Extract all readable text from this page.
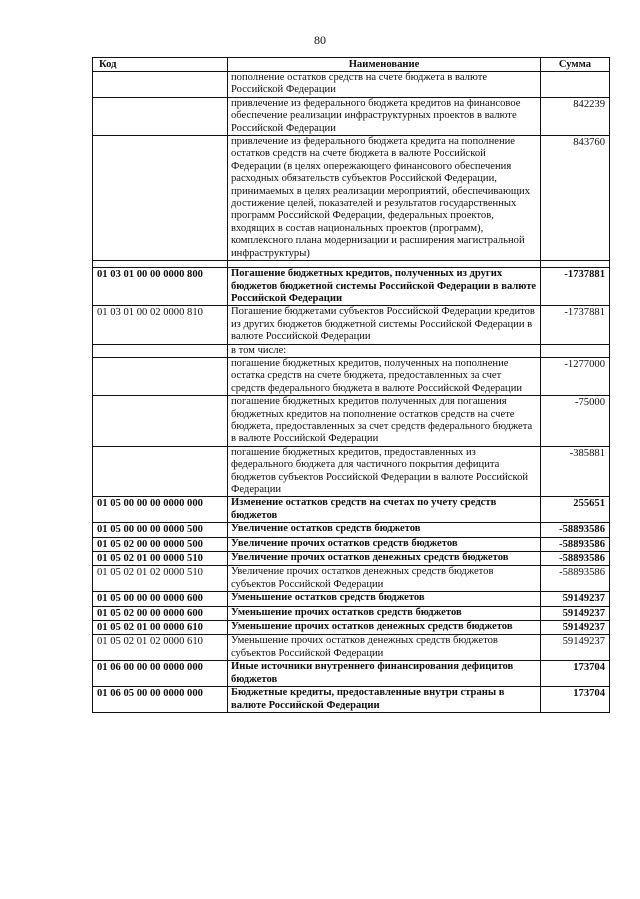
80
Код	Наименование	Сумма
	пополнение остатков средств на счете бюджета в валюте Российской Федерации	
	привлечение из федерального бюджета кредитов на финансовое обеспечение реализации инфраструктурных проектов в валюте Российской Федерации	842239
	привлечение из федерального бюджета кредита на пополнение остатков средств на счете бюджета в валюте Российской Федерации (в целях опережающего финансового обеспечения расходных обязательств субъектов Российской Федерации, принимаемых в целях реализации мероприятий, обеспечивающих достижение целей, показателей и результатов государственных программ Российской Федерации, федеральных проектов, входящих в состав национальных проектов (программ), комплексного плана модернизации и расширения магистральной инфраструктуры)	843760

01 03 01 00 00 0000 800	Погашение бюджетных кредитов, полученных из других бюджетов бюджетной системы Российской Федерации в валюте Российской Федерации	-1737881
01 03 01 00 02 0000 810	Погашение бюджетами субъектов Российской Федерации кредитов из других бюджетов бюджетной системы Российской Федерации в валюте Российской Федерации	-1737881
	в том числе:	
	погашение бюджетных кредитов, полученных на пополнение остатка средств на счете бюджета, предоставленных за счет средств федерального бюджета в валюте Российской Федерации	-1277000
	погашение бюджетных кредитов полученных для погашения бюджетных кредитов на пополнение остатков средств на счете бюджета, предоставленных за счет средств федерального бюджета в валюте Российской Федерации	-75000
	погашение бюджетных кредитов, предоставленных из федерального бюджета для частичного покрытия дефицита бюджетов субъектов Российской Федерации в валюте Российской Федерации	-385881
01 05 00 00 00 0000 000	Изменение остатков средств на счетах по учету средств бюджетов	255651
01 05 00 00 00 0000 500	Увеличение остатков средств бюджетов	-58893586
01 05 02 00 00 0000 500	Увеличение прочих остатков средств бюджетов	-58893586
01 05 02 01 00 0000 510	Увеличение прочих остатков денежных средств бюджетов	-58893586
01 05 02 01 02 0000 510	Увеличение прочих остатков денежных средств бюджетов субъектов Российской Федерации	-58893586
01 05 00 00 00 0000 600	Уменьшение остатков средств бюджетов	59149237
01 05 02 00 00 0000 600	Уменьшение прочих остатков средств бюджетов	59149237
01 05 02 01 00 0000 610	Уменьшение прочих остатков денежных средств бюджетов	59149237
01 05 02 01 02 0000 610	Уменьшение прочих остатков денежных средств бюджетов субъектов Российской Федерации	59149237
01 06 00 00 00 0000 000	Иные источники внутреннего финансирования дефицитов бюджетов	173704
01 06 05 00 00 0000 000	Бюджетные кредиты, предоставленные внутри страны в валюте Российской Федерации	173704
